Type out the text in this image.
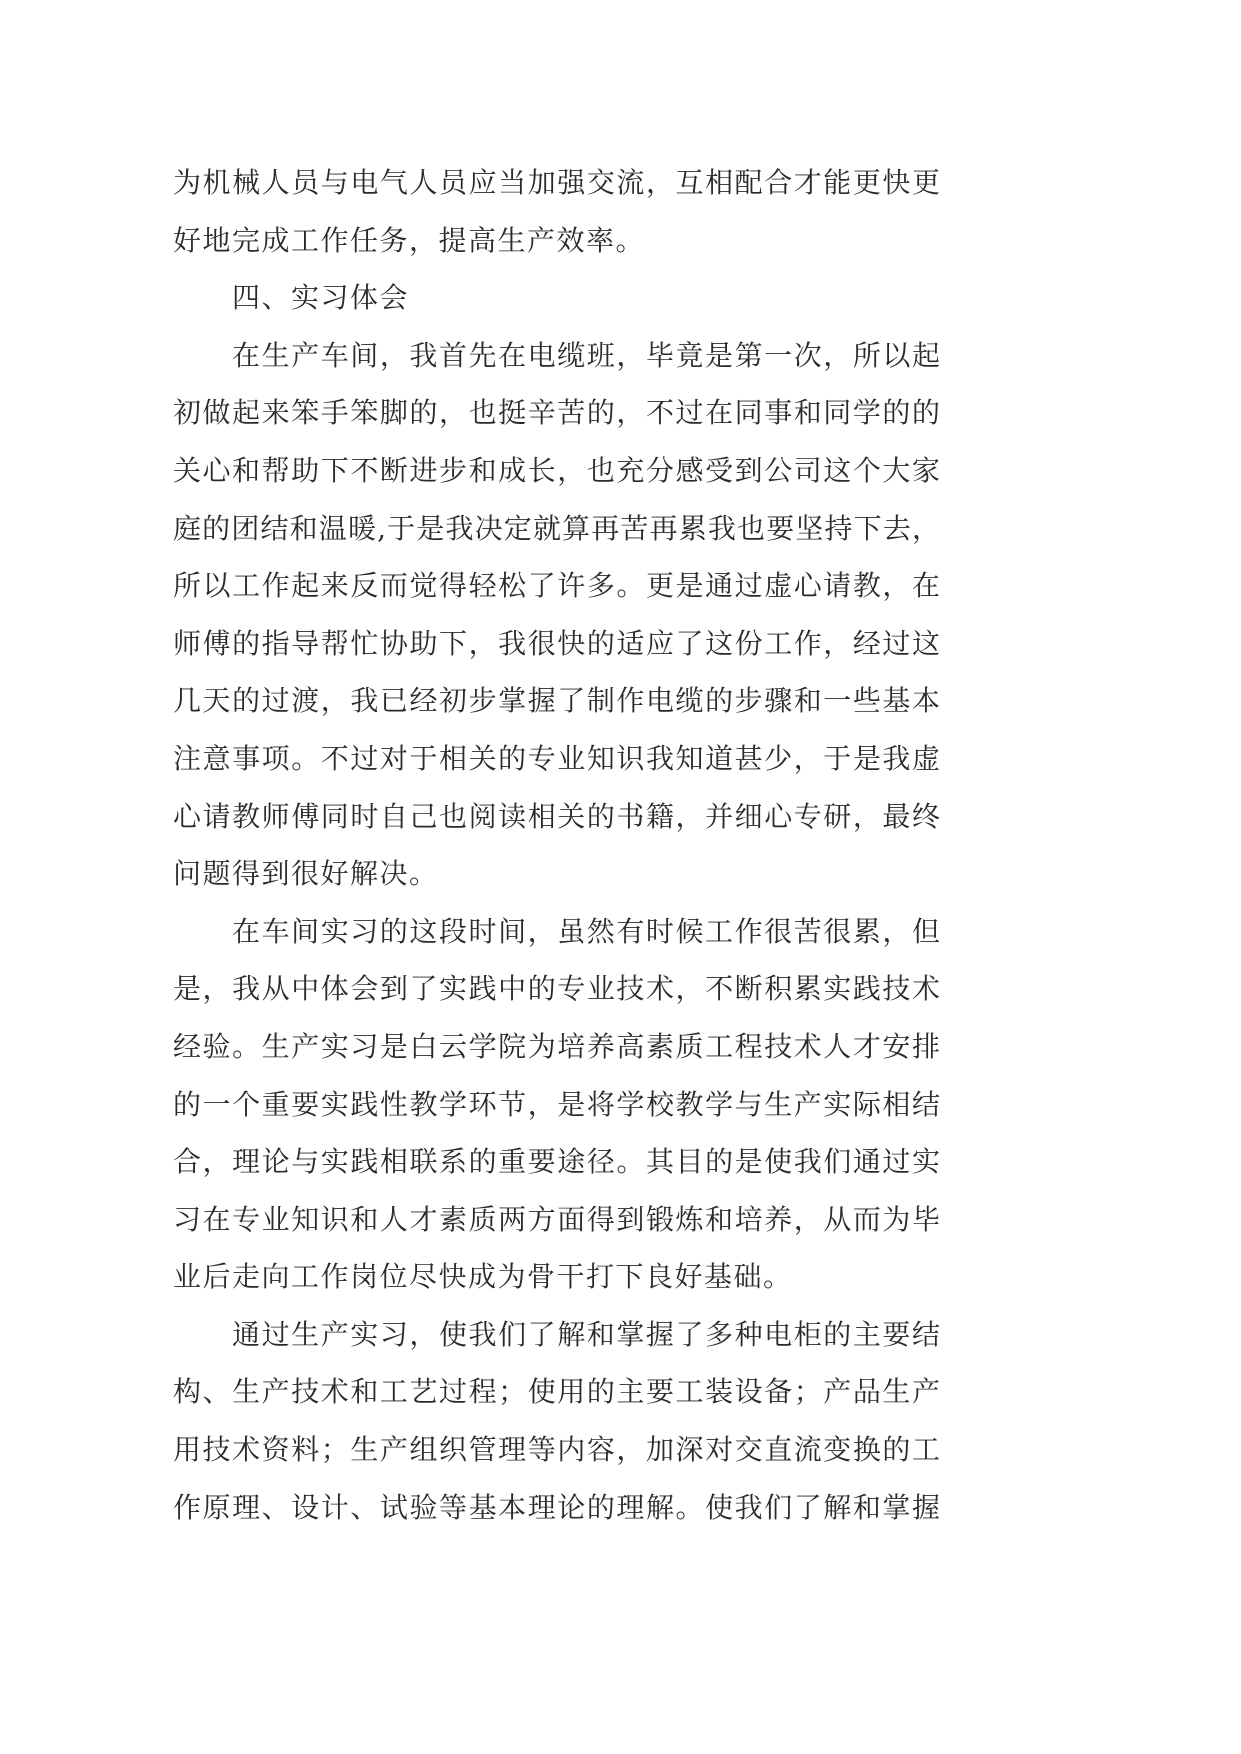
为机械人员与电气人员应当加强交流，互相配合才能更快更
好地完成工作任务，提高生产效率。
四、实习体会
在生产车间，我首先在电缆班，毕竟是第一次，所以起
初做起来笨手笨脚的，也挺辛苦的，不过在同事和同学的的
关心和帮助下不断进步和成长，也充分感受到公司这个大家
庭的团结和温暖,于是我决定就算再苦再累我也要坚持下去，
所以工作起来反而觉得轻松了许多。更是通过虚心请教，在
师傅的指导帮忙协助下，我很快的适应了这份工作，经过这
几天的过渡，我已经初步掌握了制作电缆的步骤和一些基本
注意事项。不过对于相关的专业知识我知道甚少，于是我虚
心请教师傅同时自己也阅读相关的书籍，并细心专研，最终
问题得到很好解决。
在车间实习的这段时间，虽然有时候工作很苦很累，但
是，我从中体会到了实践中的专业技术，不断积累实践技术
经验。生产实习是白云学院为培养高素质工程技术人才安排
的一个重要实践性教学环节，是将学校教学与生产实际相结
合，理论与实践相联系的重要途径。其目的是使我们通过实
习在专业知识和人才素质两方面得到锻炼和培养，从而为毕
业后走向工作岗位尽快成为骨干打下良好基础。
通过生产实习，使我们了解和掌握了多种电柜的主要结
构、生产技术和工艺过程；使用的主要工装设备；产品生产
用技术资料；生产组织管理等内容，加深对交直流变换的工
作原理、设计、试验等基本理论的理解。使我们了解和掌握
